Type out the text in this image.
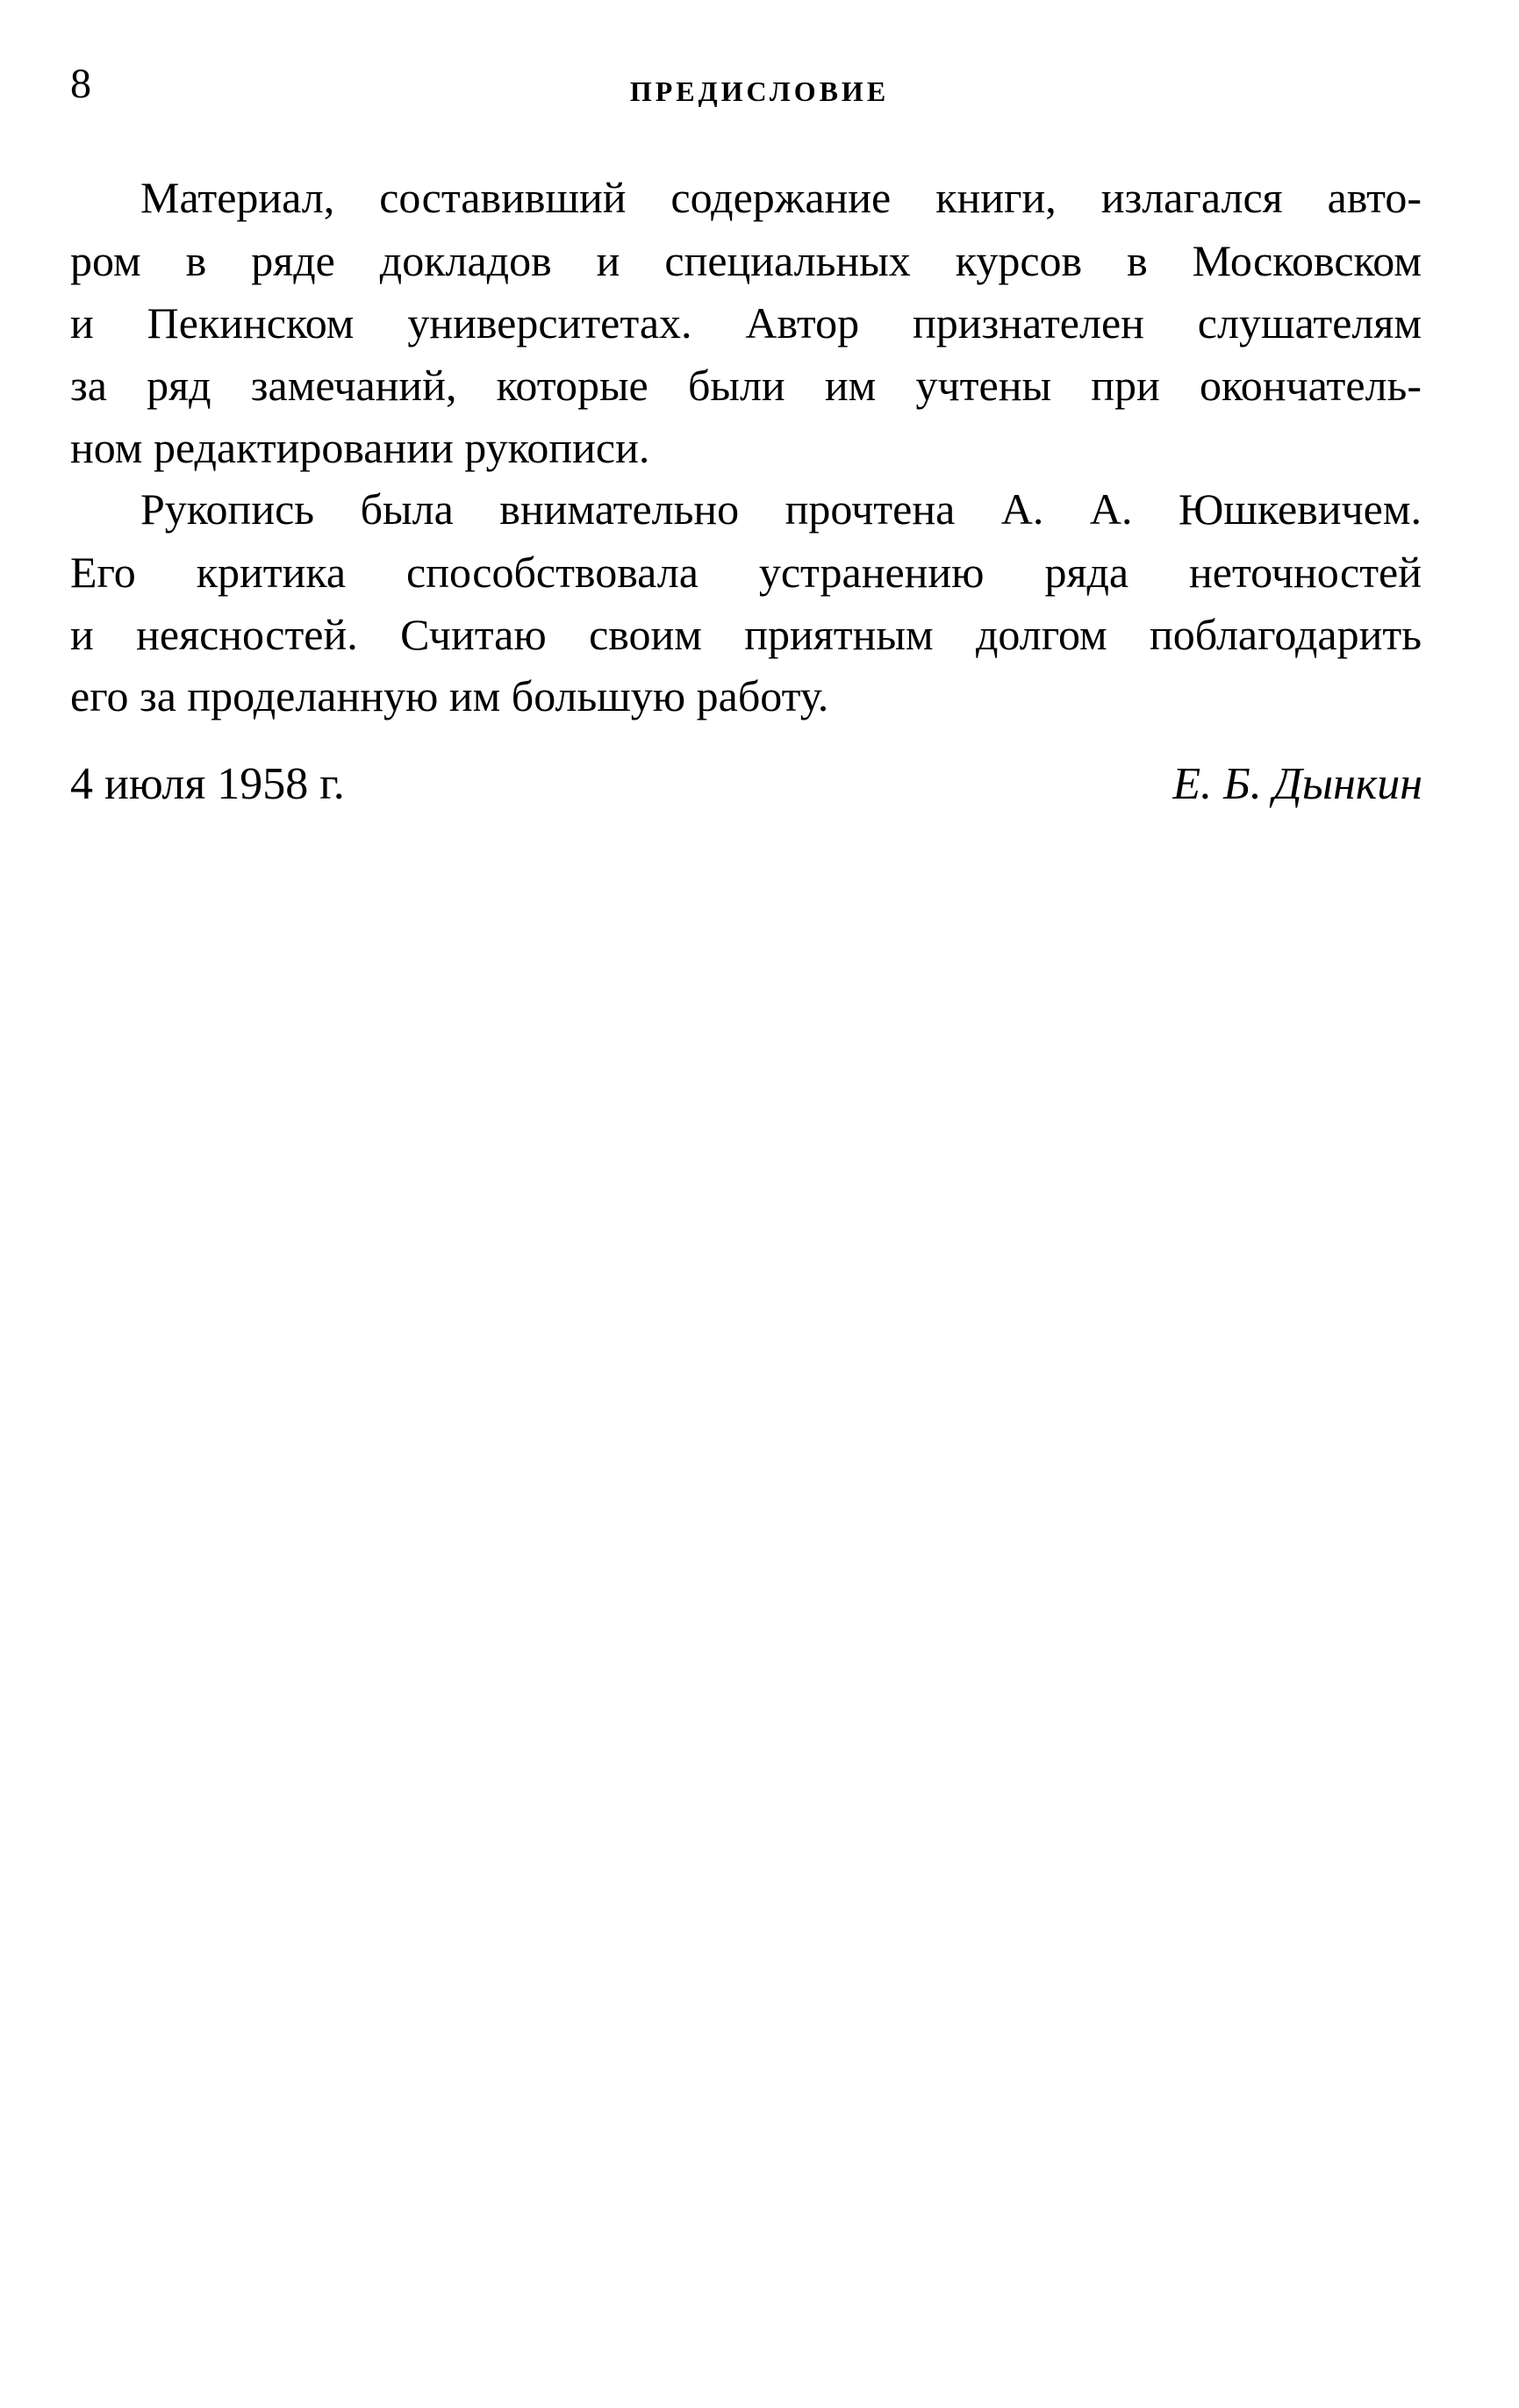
8	ПРЕДИСЛОВИЕ
Материал, составивший содержание книги, излагался авто-
ром в ряде докладов и специальных курсов в Московском
и Пекинском университетах. Автор признателен слушателям
за ряд замечаний, которые были им учтены при окончатель-
ном редактировании рукописи.
Рукопись была внимательно прочтена А. А. Юшкевичем.
Его критика способствовала устранению ряда неточностей
и неясностей. Считаю своим приятным долгом поблагодарить
его за проделанную им большую работу.
4 июля 1958 г.	Е. Б. Дынкин
